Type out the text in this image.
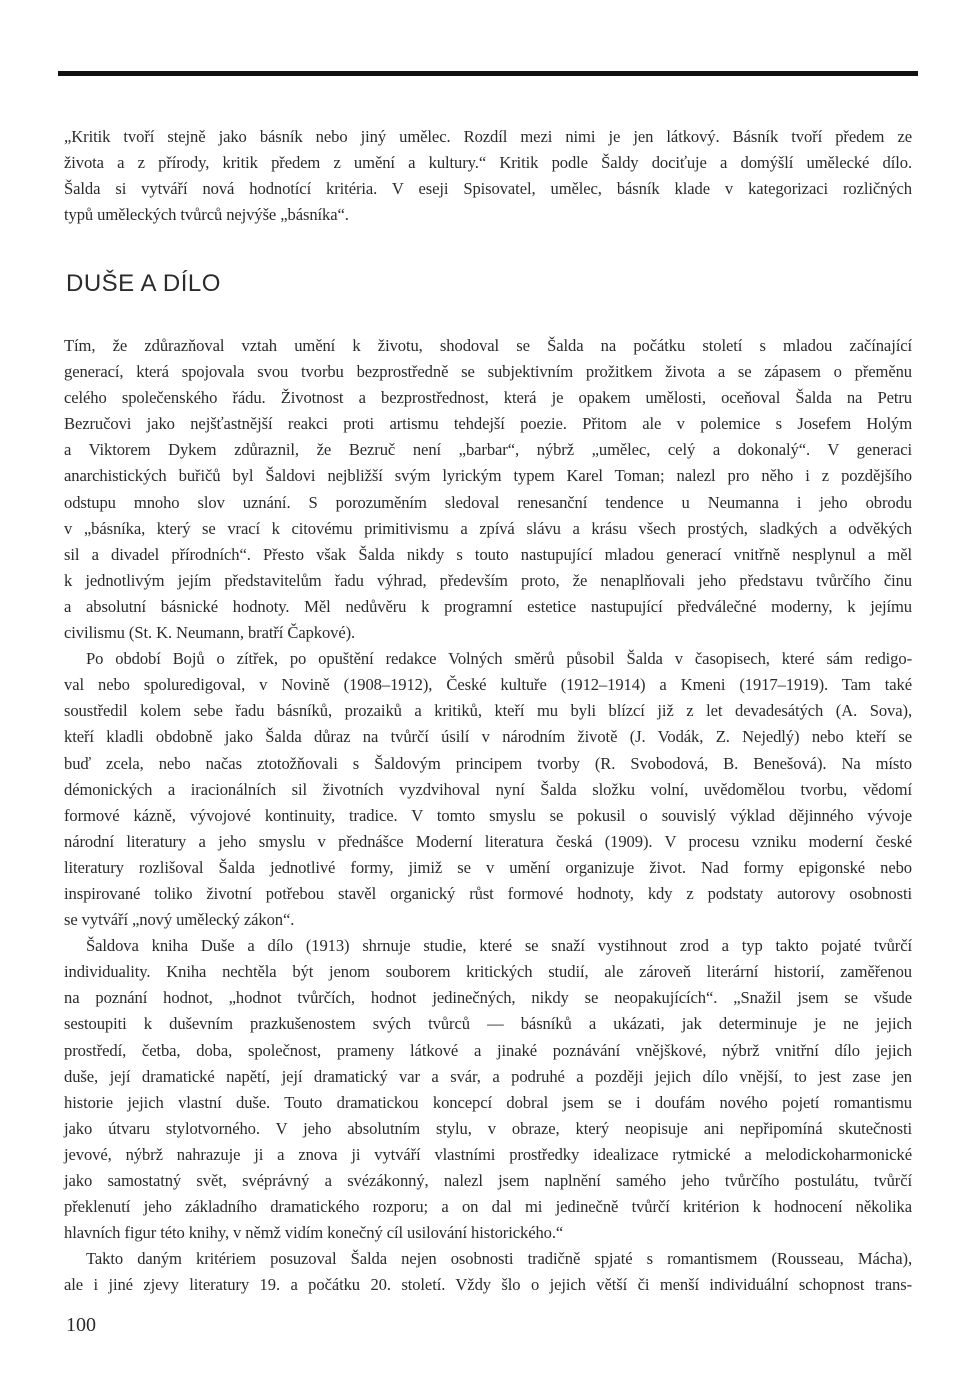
„Kritik tvoří stejně jako básník nebo jiný umělec. Rozdíl mezi nimi je jen látkový. Básník tvoří předem ze
života a z přírody, kritik předem z umění a kultury.“ Kritik podle Šaldy dociťuje a domýšlí umělecké dílo.
Šalda si vytváří nová hodnotící kritéria. V eseji Spisovatel, umělec, básník klade v kategorizaci rozličných
typů uměleckých tvůrců nejvýše „básníka“.
DUŠE A DÍLO
Tím, že zdůrazňoval vztah umění k životu, shodoval se Šalda na počátku století s mladou začínající
generací, která spojovala svou tvorbu bezprostředně se subjektivním prožitkem života a se zápasem o přeměnu
celého společenského řádu. Životnost a bezprostřednost, která je opakem umělosti, oceňoval Šalda na Petru
Bezručovi jako nejšťastnější reakci proti artismu tehdejší poezie. Přitom ale v polemice s Josefem Holým
a Viktorem Dykem zdůraznil, že Bezruč není „barbar“, nýbrž „umělec, celý a dokonalý“. V generaci
anarchistických buřičů byl Šaldovi nejbližší svým lyrickým typem Karel Toman; nalezl pro něho i z pozdějšího
odstupu mnoho slov uznání. S porozuměním sledoval renesanční tendence u Neumanna i jeho obrodu
v „básníka, který se vrací k citovému primitivismu a zpívá slávu a krásu všech prostých, sladkých a odvěkých
sil a divadel přírodních“. Přesto však Šalda nikdy s touto nastupující mladou generací vnitřně nesplynul a měl
k jednotlivým jejím představitelům řadu výhrad, především proto, že nenaplňovali jeho představu tvůrčího činu
a absolutní básnické hodnoty. Měl nedůvěru k programní estetice nastupující předválečné moderny, k jejímu
civilismu (St. K. Neumann, bratří Čapkové).
Po období Bojů o zítřek, po opuštění redakce Volných směrů působil Šalda v časopisech, které sám redigo-
val nebo spoluredigoval, v Novině (1908–1912), České kultuře (1912–1914) a Kmeni (1917–1919). Tam také
soustředil kolem sebe řadu básníků, prozaiků a kritiků, kteří mu byli blízcí již z let devadesátých (A. Sova),
kteří kladli obdobně jako Šalda důraz na tvůrčí úsilí v národním životě (J. Vodák, Z. Nejedlý) nebo kteří se
buď zcela, nebo načas ztotožňovali s Šaldovým principem tvorby (R. Svobodová, B. Benešová). Na místo
démonických a iracionálních sil životních vyzdvihoval nyní Šalda složku volní, uvědomělou tvorbu, vědomí
formové kázně, vývojové kontinuity, tradice. V tomto smyslu se pokusil o souvislý výklad dějinného vývoje
národní literatury a jeho smyslu v přednášce Moderní literatura česká (1909). V procesu vzniku moderní české
literatury rozlišoval Šalda jednotlivé formy, jimiž se v umění organizuje život. Nad formy epigonské nebo
inspirované toliko životní potřebou stavěl organický růst formové hodnoty, kdy z podstaty autorovy osobnosti
se vytváří „nový umělecký zákon“.
Šaldova kniha Duše a dílo (1913) shrnuje studie, které se snaží vystihnout zrod a typ takto pojaté tvůrčí
individuality. Kniha nechtěla být jenom souborem kritických studií, ale zároveň literární historií, zaměřenou
na poznání hodnot, „hodnot tvůrčích, hodnot jedinečných, nikdy se neopakujících“. „Snažil jsem se všude
sestoupiti k duševním prazkušenostem svých tvůrců — básníků a ukázati, jak determinuje je ne jejich
prostředí, četba, doba, společnost, prameny látkové a jinaké poznávání vnějškové, nýbrž vnitřní dílo jejich
duše, její dramatické napětí, její dramatický var a svár, a podruhé a později jejich dílo vnější, to jest zase jen
historie jejich vlastní duše. Touto dramatickou koncepcí dobral jsem se i doufám nového pojetí romantismu
jako útvaru stylotvorného. V jeho absolutním stylu, v obraze, který neopisuje ani nepřipomíná skutečnosti
jevové, nýbrž nahrazuje ji a znova ji vytváří vlastními prostředky idealizace rytmické a melodickoharmonické
jako samostatný svět, svéprávný a svézákonný, nalezl jsem naplnění samého jeho tvůrčího postulátu, tvůrčí
překlenutí jeho základního dramatického rozporu; a on dal mi jedinečně tvůrčí kritérion k hodnocení několika
hlavních figur této knihy, v němž vidím konečný cíl usilování historického.“
Takto daným kritériem posuzoval Šalda nejen osobnosti tradičně spjaté s romantismem (Rousseau, Mácha),
ale i jiné zjevy literatury 19. a počátku 20. století. Vždy šlo o jejich větší či menší individuální schopnost trans-
100
